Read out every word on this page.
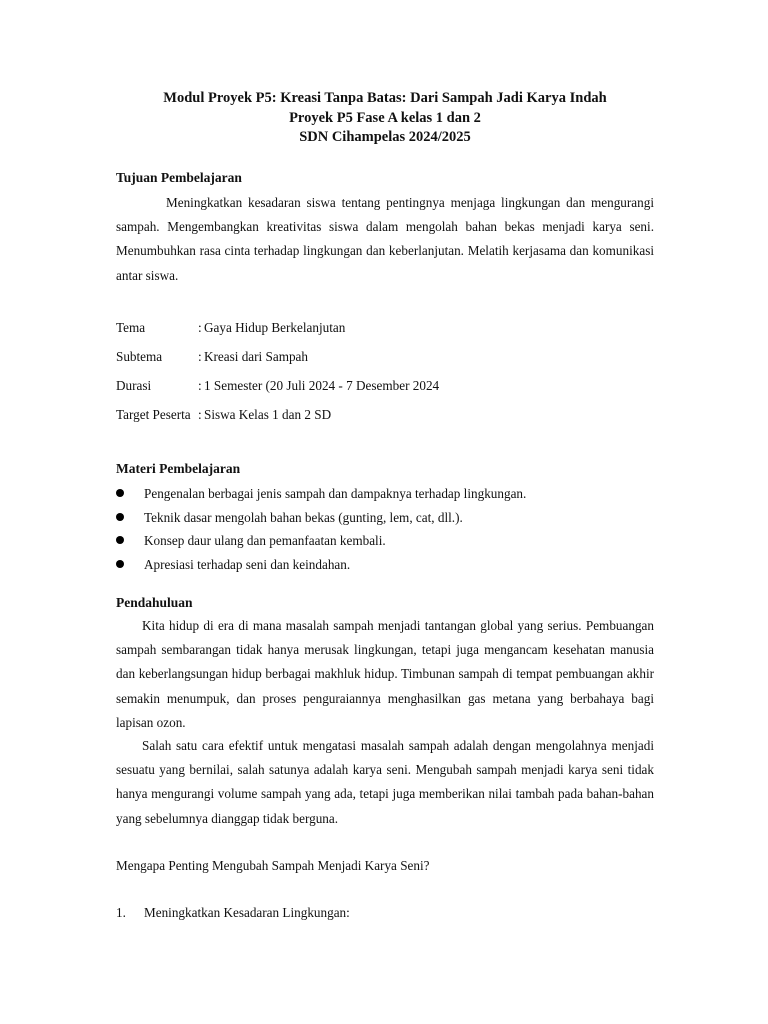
Modul Proyek P5: Kreasi Tanpa Batas: Dari Sampah Jadi Karya Indah
Proyek P5 Fase A kelas 1 dan 2
SDN Cihampelas 2024/2025
Tujuan Pembelajaran
Meningkatkan kesadaran siswa tentang pentingnya menjaga lingkungan dan mengurangi sampah. Mengembangkan kreativitas siswa dalam mengolah bahan bekas menjadi karya seni. Menumbuhkan rasa cinta terhadap lingkungan dan keberlanjutan. Melatih kerjasama dan komunikasi antar siswa.
Tema	: Gaya Hidup Berkelanjutan
Subtema	: Kreasi dari Sampah
Durasi	: 1 Semester (20 Juli 2024 - 7 Desember 2024
Target Peserta : Siswa Kelas 1 dan 2 SD
Materi Pembelajaran
Pengenalan berbagai jenis sampah dan dampaknya terhadap lingkungan.
Teknik dasar mengolah bahan bekas (gunting, lem, cat, dll.).
Konsep daur ulang dan pemanfaatan kembali.
Apresiasi terhadap seni dan keindahan.
Pendahuluan
Kita hidup di era di mana masalah sampah menjadi tantangan global yang serius. Pembuangan sampah sembarangan tidak hanya merusak lingkungan, tetapi juga mengancam kesehatan manusia dan keberlangsungan hidup berbagai makhluk hidup. Timbunan sampah di tempat pembuangan akhir semakin menumpuk, dan proses penguraiannya menghasilkan gas metana yang berbahaya bagi lapisan ozon.
Salah satu cara efektif untuk mengatasi masalah sampah adalah dengan mengolahnya menjadi sesuatu yang bernilai, salah satunya adalah karya seni. Mengubah sampah menjadi karya seni tidak hanya mengurangi volume sampah yang ada, tetapi juga memberikan nilai tambah pada bahan-bahan yang sebelumnya dianggap tidak berguna.
Mengapa Penting Mengubah Sampah Menjadi Karya Seni?
1. Meningkatkan Kesadaran Lingkungan:
